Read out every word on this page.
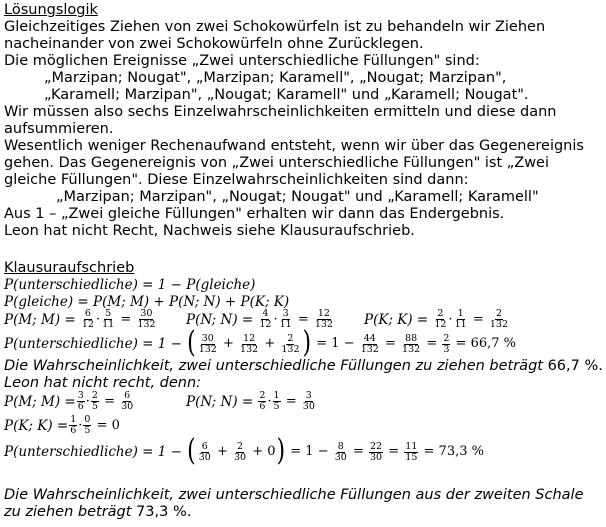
Lösungslogik
Gleichzeitiges Ziehen von zwei Schokowürfeln ist zu behandeln wir Ziehen
nacheinander von zwei Schokowürfeln ohne Zurücklegen.
Die möglichen Ereignisse „Zwei unterschiedliche Füllungen" sind:
„Marzipan; Nougat", „Marzipan; Karamell", „Nougat; Marzipan",
„Karamell; Marzipan", „Nougat; Karamell" und „Karamell; Nougat".
Wir müssen also sechs Einzelwahrscheinlichkeiten ermitteln und diese dann
aufsummieren.
Wesentlich weniger Rechenaufwand entsteht, wenn wir über das Gegenereignis
gehen. Das Gegenereignis von „Zwei unterschiedliche Füllungen" ist „Zwei
gleiche Füllungen". Diese Einzelwahrscheinlichkeiten sind dann:
„Marzipan; Marzipan", „Nougat; Nougat" und „Karamell; Karamell"
Aus 1 – „Zwei gleiche Füllungen" erhalten wir dann das Endergebnis.
Leon hat nicht Recht, Nachweis siehe Klausuraufschrieb.
Klausuraufschrieb
P(unterschiedliche) = 1 − P(gleiche)
P(gleiche) = P(M; M) + P(N; N) + P(K; K)
P(M; M) =
$\frac{6}{12} \cdot \frac{5}{11}$
=
$\frac{30}{132} P(N$; N) =
$\frac{4}{12} \cdot \frac{3}{11}$
=
$\frac{12}{132} P(K$; K) =
$\frac{2}{12} \cdot \frac{1}{11}$
=
$\frac{2}{132}$
P(unterschiedliche) = 1 −
( 30
132
+
$\frac{12}{132}$
+
$\frac{2}{132}$ )
= 1 −
$\frac{44}{132}$
=
$\frac{88}{132}$
=
$\frac{2}{3}$
= 66,7 %
Die Wahrscheinlichkeit, zwei unterschiedliche Füllungen zu ziehen beträgt 66,7 %.
Leon hat nicht recht, denn:
P(M; $M) = \frac{3}{6} \cdot \frac{2}{5}$
=
$\frac{6}{30}$	P(N; N) =
$\frac{2}{6} \cdot \frac{1}{5}$
=
$\frac{3}{30}$
P(K; $K) = \frac{1}{6} \cdot \frac{0}{5}$
= 0
P(unterschiedliche) = 1 −
( 6
30
+
$\frac{2}{30}$
+ 0 )
= 1 −
$\frac{8}{30}$
=
$\frac{22}{30}$
=
$\frac{11}{15}$
= 73,3 %
Die Wahrscheinlichkeit, zwei unterschiedliche Füllungen aus der zweiten Schale
zu ziehen beträgt 73,3 %.
